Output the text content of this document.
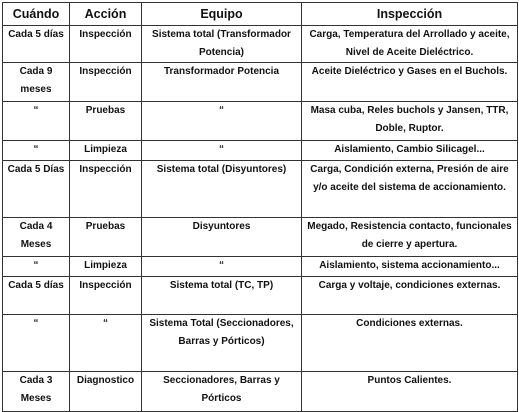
Cuándo	Acción	Equipo	Inspección

Cada 5 días	Inspección	Sistema total (Transformador Potencia)	Carga, Temperatura del Arrollado y aceite, Nivel de Aceite Dieléctrico.

Cada 9 meses	Inspección	Transformador Potencia	Aceite Dieléctrico y Gases en el Buchols.

“	Pruebas	“	Masa cuba, Reles buchols y Jansen, TTR, Doble, Ruptor.

“	Limpieza	“	Aislamiento, Cambio Silicagel...

Cada 5 Días	Inspección	Sistema total (Disyuntores)	Carga, Condición externa, Presión de aire y/o aceite del sistema de accionamiento.

Cada 4 Meses	Pruebas	Disyuntores	Megado, Resistencia contacto, funcionales de cierre y apertura.

“	Limpieza	“	Aislamiento, sistema accionamiento...

Cada 5 días	Inspección	Sistema total (TC, TP)	Carga y voltaje, condiciones externas.

“	“	Sistema Total (Seccionadores, Barras y Pórticos)	Condiciones externas.

Cada 3 Meses	Diagnostico	Seccionadores, Barras y Pórticos	Puntos Calientes.
